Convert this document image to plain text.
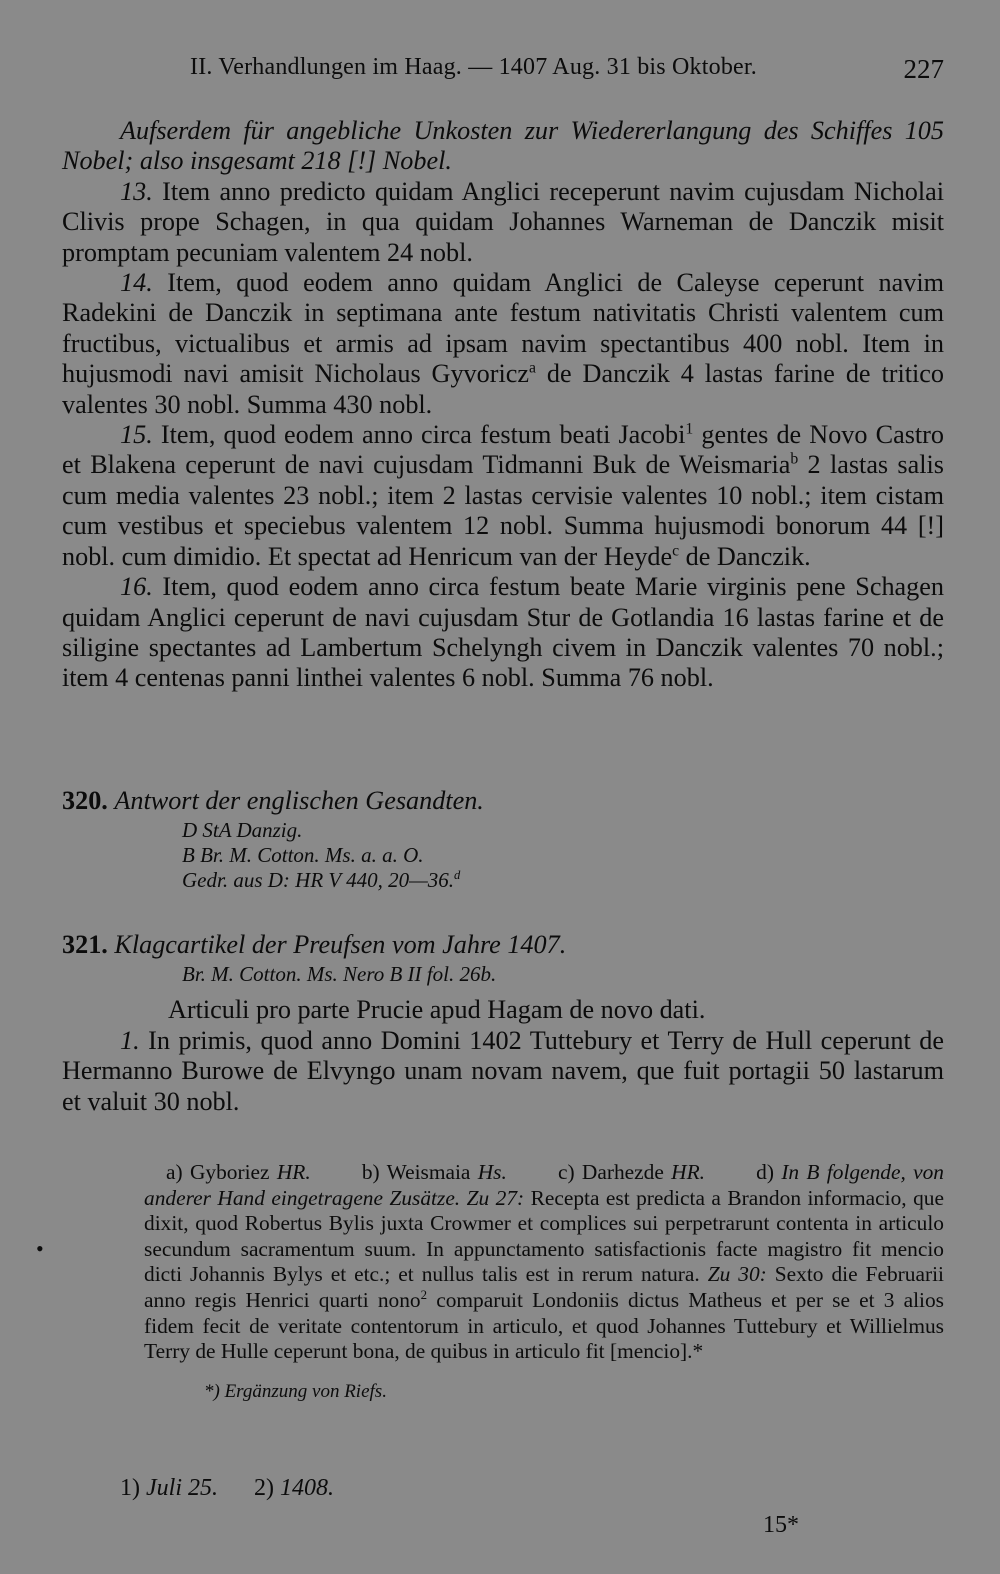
II. Verhandlungen im Haag. — 1407 Aug. 31 bis Oktober.	227

Aufserdem für angebliche Unkosten zur Wiedererlangung des Schiffes 105 Nobel; also insgesamt 218 [!] Nobel.

13. Item anno predicto quidam Anglici receperunt navim cujusdam Nicholai Clivis prope Schagen, in qua quidam Johannes Warneman de Danczik misit promptam pecuniam valentem 24 nobl.

14. Item, quod eodem anno quidam Anglici de Caleyse ceperunt navim Radekini de Danczik in septimana ante festum nativitatis Christi valentem cum fructibus, victualibus et armis ad ipsam navim spectantibus 400 nobl. Item in hujusmodi navi amisit Nicholaus Gyvoricz$^a$ de Danczik 4 lastas farine de tritico valentes 30 nobl. Summa 430 nobl.

15. Item, quod eodem anno circa festum beati Jacobi$^1$ gentes de Novo Castro et Blakena ceperunt de navi cujusdam Tidmanni Buk de Weismaria$^b$ 2 lastas salis cum media valentes 23 nobl.; item 2 lastas cervisie valentes 10 nobl.; item cistam cum vestibus et speciebus valentem 12 nobl. Summa hujusmodi bonorum 44 [!] nobl. cum dimidio. Et spectat ad Henricum van der Heyde$^c$ de Danczik.

16. Item, quod eodem anno circa festum beate Marie virginis pene Schagen quidam Anglici ceperunt de navi cujusdam Stur de Gotlandia 16 lastas farine et de siligine spectantes ad Lambertum Schelyngh civem in Danczik valentes 70 nobl.; item 4 centenas panni linthei valentes 6 nobl. Summa 76 nobl.

320. Antwort der englischen Gesandten.
D StA Danzig.
B Br. M. Cotton. Ms. a. a. O.
Gedr. aus D: HR V 440, 20—36.$^d$
321. Klagcartikel der Preufsen vom Jahre 1407.
Br. M. Cotton. Ms. Nero B II fol. 26b.
Articuli pro parte Prucie apud Hagam de novo dati.

1. In primis, quod anno Domini 1402 Tuttebury et Terry de Hull ceperunt de Hermanno Burowe de Elvyngo unam novam navem, que fuit portagii 50 lastarum et valuit 30 nobl.

•

a) Gyboriez HR. b) Weismaia Hs. c) Darhezde HR. d) In B folgende, von anderer Hand eingetragene Zusätze. Zu 27: Recepta est predicta a Brandon informacio, que dixit, quod Robertus Bylis juxta Crowmer et complices sui perpetrarunt contenta in articulo secundum sacramentum suum. In appunctamento satisfactionis facte magistro fit mencio dicti Johannis Bylys et etc.; et nullus talis est in rerum natura. Zu 30: Sexto die Februarii anno regis Henrici quarti nono$^2$ comparuit Londoniis dictus Matheus et per se et 3 alios fidem fecit de veritate contentorum in articulo, et quod Johannes Tuttebury et Willielmus Terry de Hulle ceperunt bona, de quibus in articulo fit [mencio].*

*) Ergänzung von Riefs.
1) Juli 25. 2) 1408.
15*
